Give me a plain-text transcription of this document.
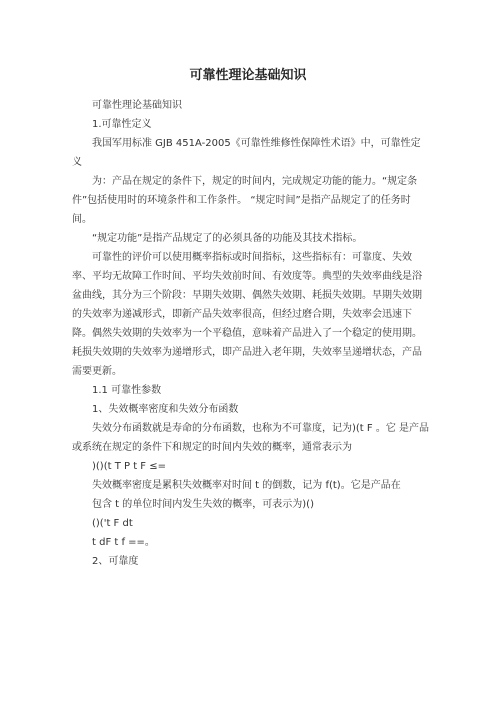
可靠性理论基础知识

可靠性理论基础知识

1.可靠性定义

我国军用标准 GJB 451A-2005《可靠性维修性保障性术语》中，可靠性定义

为：产品在规定的条件下，规定的时间内，完成规定功能的能力。“规定条件”包括使用时的环境条件和工作条件。 “规定时间”是指产品规定了的任务时间。

“规定功能”是指产品规定了的必须具备的功能及其技术指标。

可靠性的评价可以使用概率指标或时间指标，这些指标有：可靠度、失效率、平均无故障工作时间、平均失效前时间、有效度等。典型的失效率曲线是浴盆曲线，其分为三个阶段：早期失效期、偶然失效期、耗损失效期。早期失效期的失效率为递减形式，即新产品失效率很高，但经过磨合期，失效率会迅速下降。偶然失效期的失效率为一个平稳值，意味着产品进入了一个稳定的使用期。耗损失效期的失效率为递增形式，即产品进入老年期，失效率呈递增状态，产品需要更新。

1.1 可靠性参数

1、失效概率密度和失效分布函数

失效分布函数就是寿命的分布函数，也称为不可靠度，记为)(t F 。它 是产品或系统在规定的条件下和规定的时间内失效的概率，通常表示为

)()(t T P t F ≤=

失效概率密度是累积失效概率对时间 t 的倒数，记为 f(t)。它是产品在

包含 t 的单位时间内发生失效的概率，可表示为)()

()('t F dt

t dF t f ==。

2、可靠度
